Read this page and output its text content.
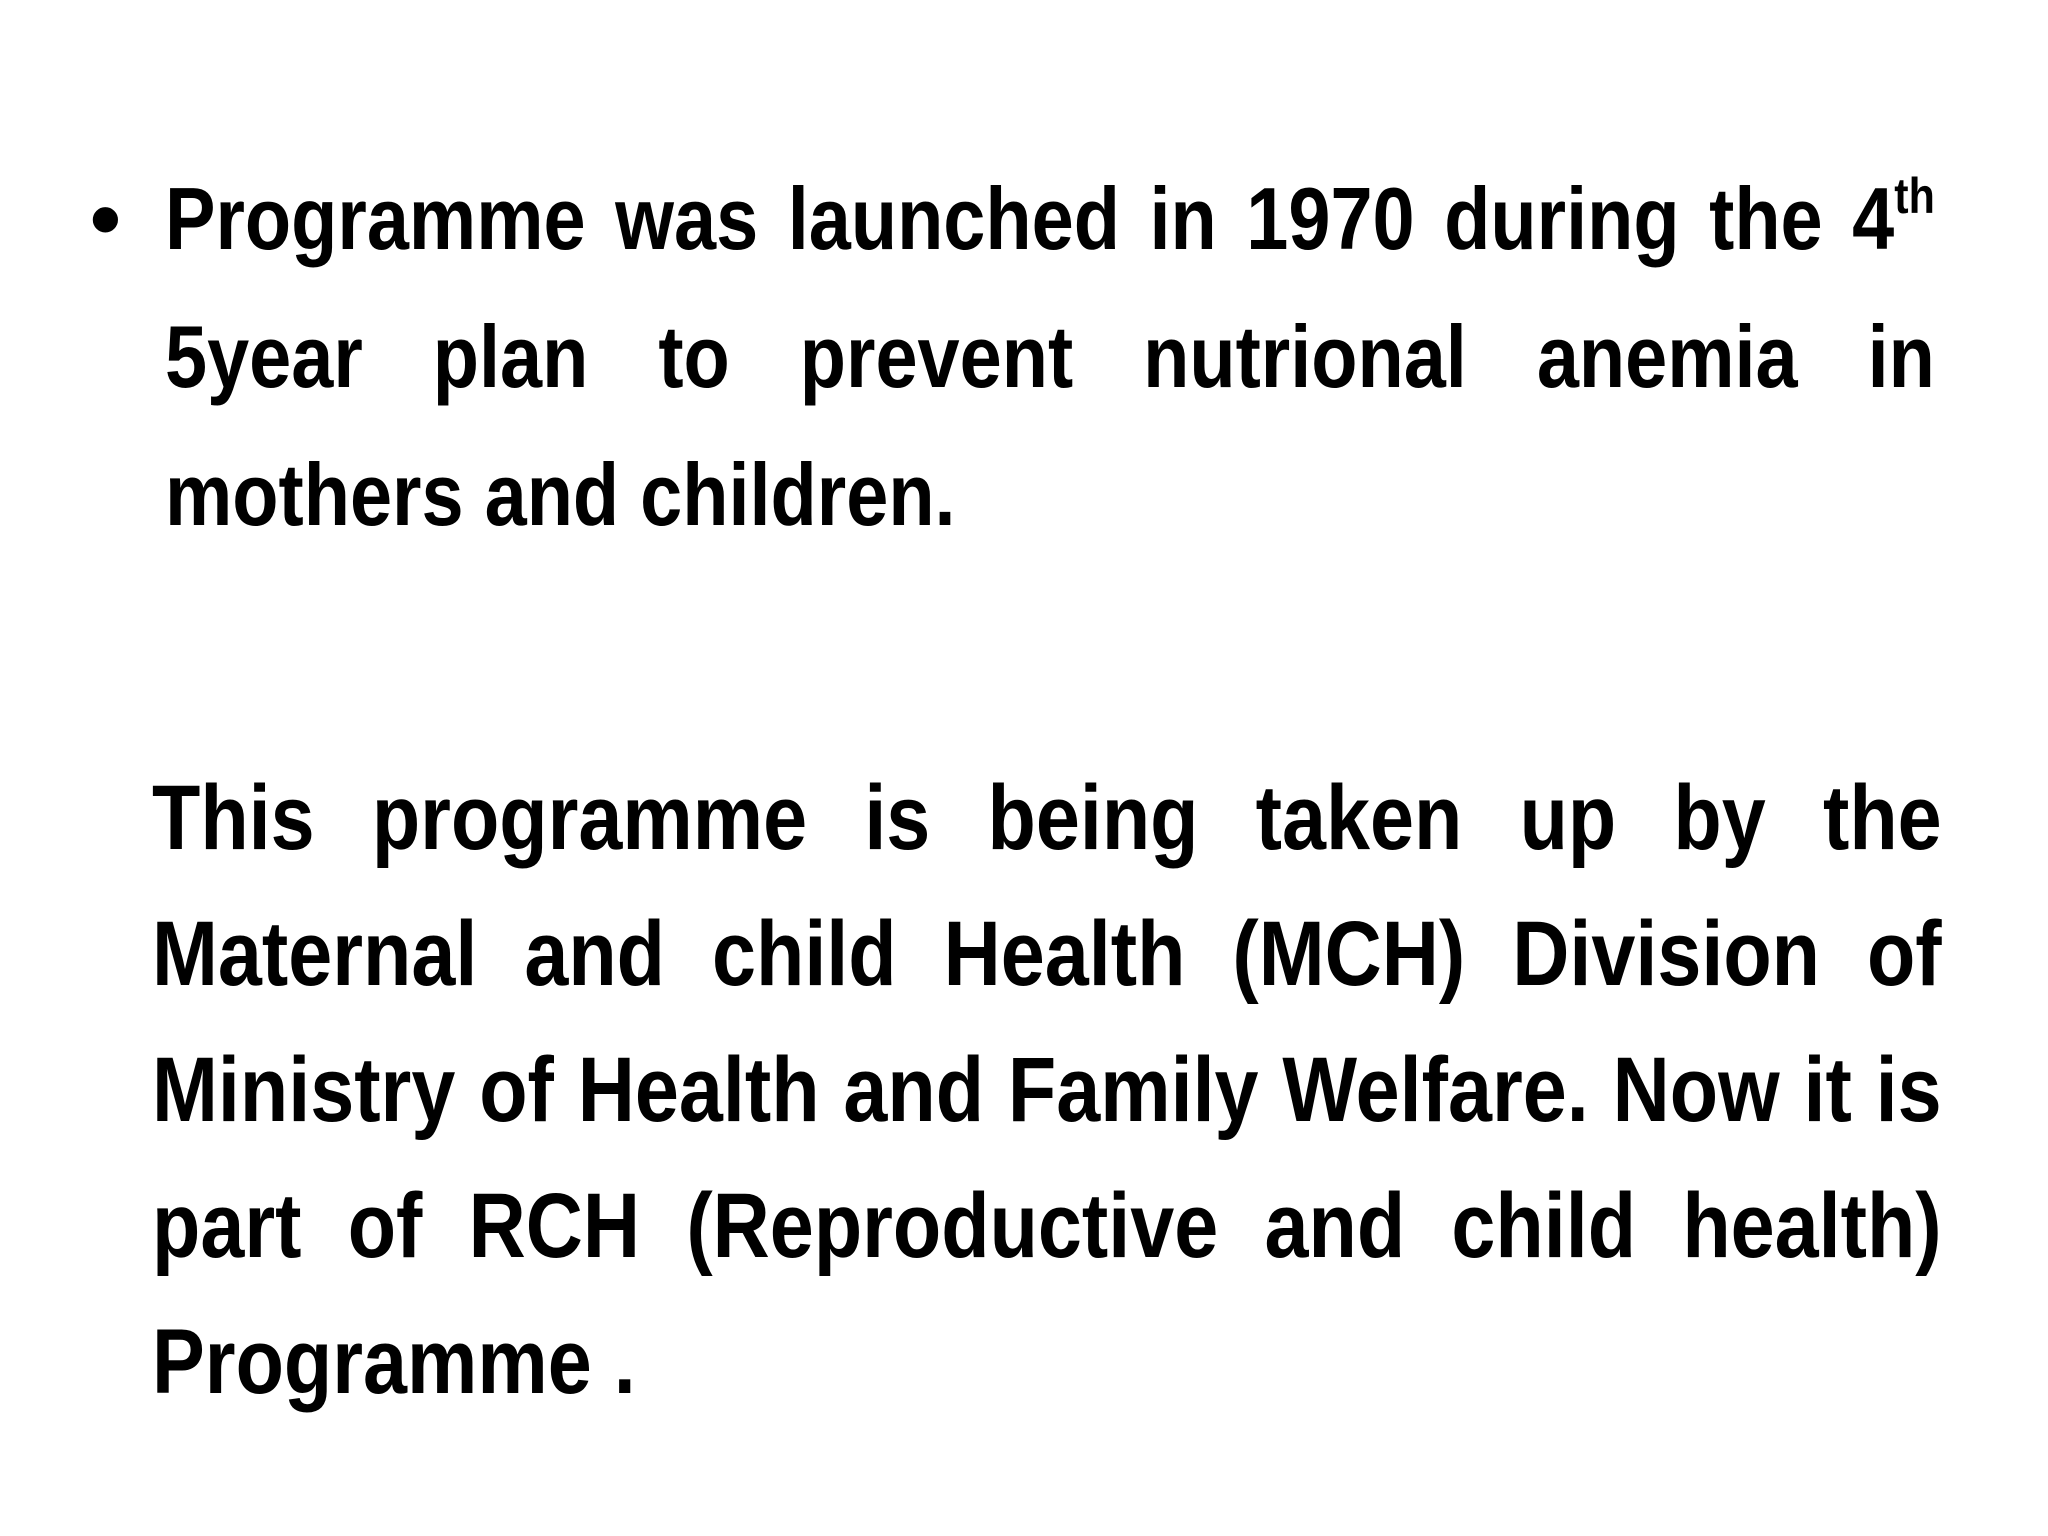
• Programme was launched in 1970 during the 4th 5year plan to prevent nutrional anemia in mothers and children.
This programme is being taken up by the Maternal and child Health (MCH) Division of Ministry of Health and Family Welfare. Now it is part of RCH (Reproductive and child health) Programme .
